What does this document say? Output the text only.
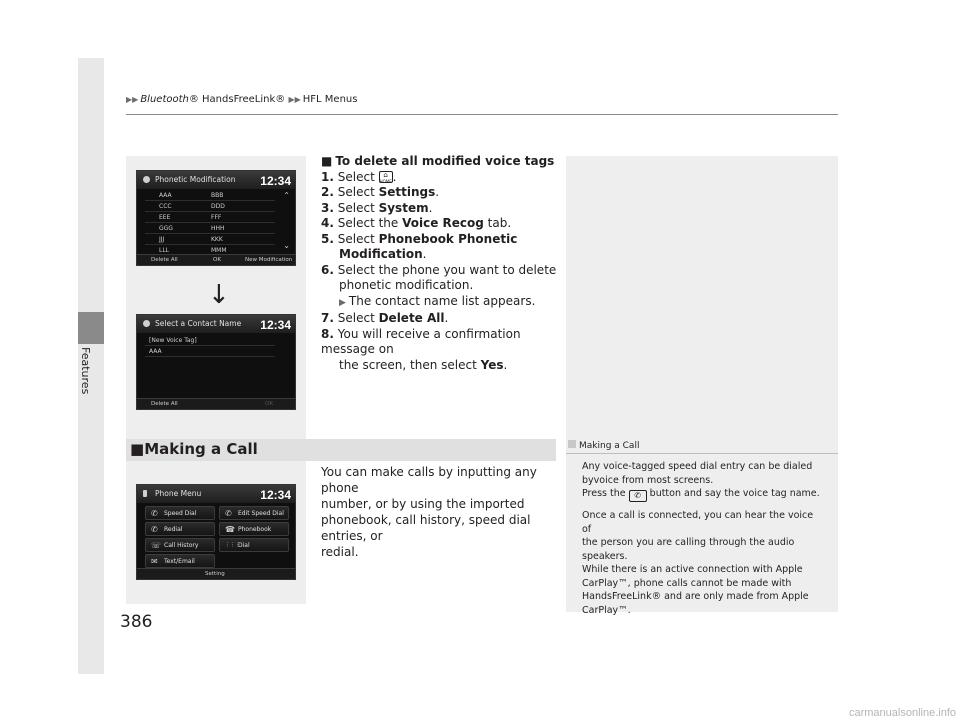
Features
▶▶ Bluetooth® HandsFreeLink® ▶▶ HFL Menus
Phonetic Modification 12:34
AAA	BBB
CCC	DDD
EEE	FFF
GGG	HHH
JJJ	KKK
LLL	MMM
⌃
⌄
Delete All	OK	New Modification
↓
Select a Contact Name 12:34
[New Voice Tag]
AAA
Delete All	OK
Phone Menu	12:34
✆ Speed Dial	✆ Edit Speed Dial
✆ Redial	☎ Phonebook
☏ Call History	⋮⋮⋮
Dial
✉ Text/Email
Setting
■ To delete all modified voice tags
1. Select ⌂ HOME.
2. Select Settings.
3. Select System.
4. Select the Voice Recog tab.
5. Select Phonebook Phonetic
Modification.
6. Select the phone you want to delete
phonetic modification.
▶ The contact name list appears.
7. Select Delete All.
8. You will receive a confirmation message on
the screen, then select Yes.
■Making a Call
You can make calls by inputting any phone
number, or by using the imported
phonebook, call history, speed dial entries, or
redial.
Making a Call

Any voice-tagged speed dial entry can be dialed
byvoice from most screens.
Press the ✆ button and say the voice tag name.

Once a call is connected, you can hear the voice of
the person you are calling through the audio
speakers.
While there is an active connection with Apple
CarPlay™, phone calls cannot be made with
HandsFreeLink® and are only made from Apple
CarPlay™.

386
carmanualsonline.info
